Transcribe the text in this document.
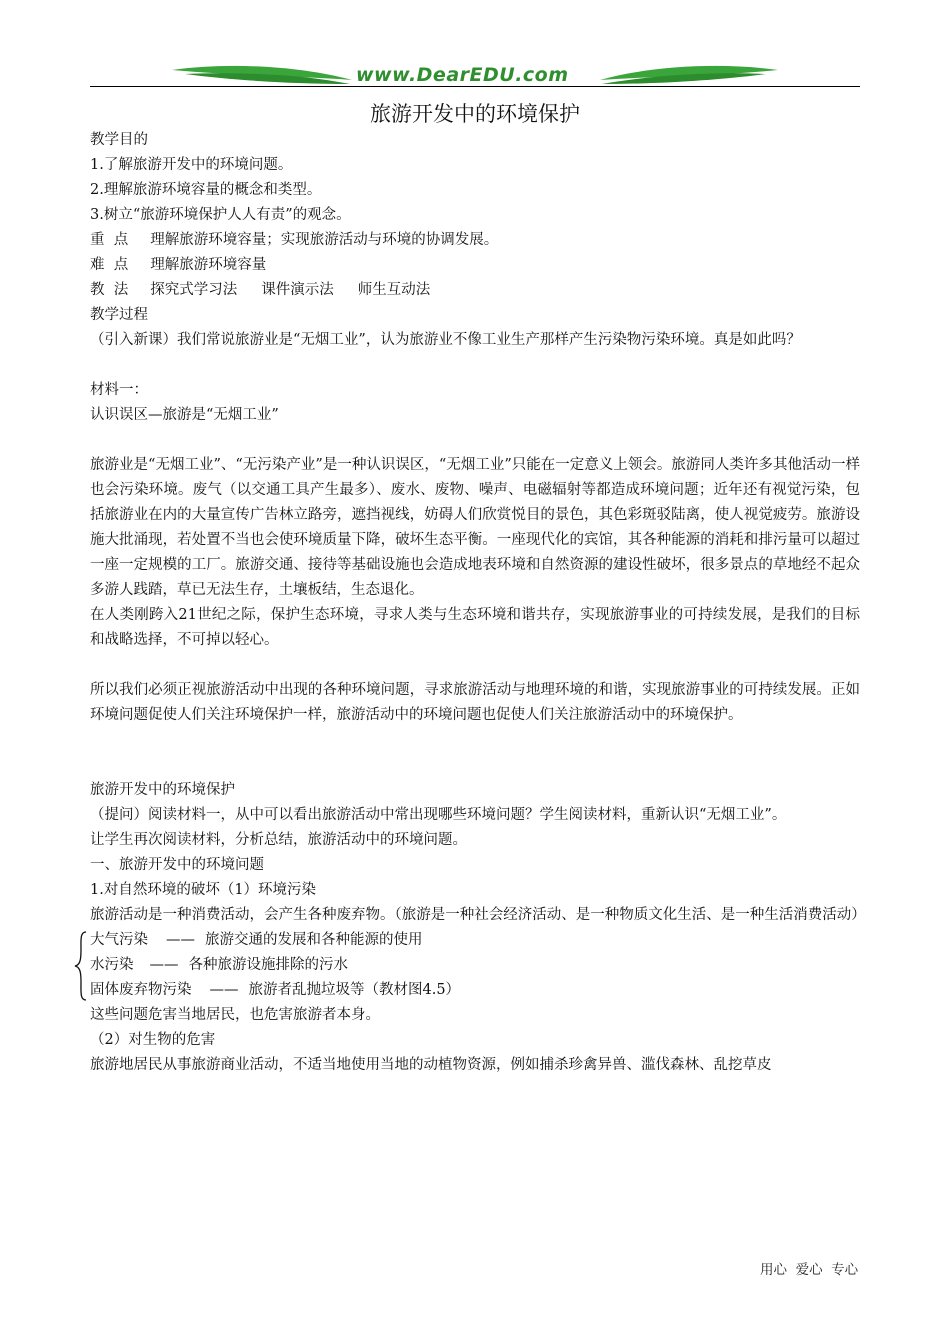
www.DearEDU.com
旅游开发中的环境保护

教学目的

1.了解旅游开发中的环境问题。

2.理解旅游环境容量的概念和类型。

3.树立“旅游环境保护人人有责”的观念。

重  点 理解旅游环境容量；实现旅游活动与环境的协调发展。

难  点 理解旅游环境容量

教  法 探究式学习法 课件演示法 师生互动法

教学过程

（引入新课）我们常说旅游业是“无烟工业”，认为旅游业不像工业生产那样产生污染物污染环境。真是如此吗？

材料一：

认识误区—旅游是“无烟工业”

旅游业是“无烟工业”、“无污染产业”是一种认识误区，“无烟工业”只能在一定意义上领会。旅游同人类许多其他活动一样也会污染环境。废气（以交通工具产生最多）、废水、废物、噪声、电磁辐射等都造成环境问题；近年还有视觉污染，包括旅游业在内的大量宣传广告林立路旁，遮挡视线，妨碍人们欣赏悦目的景色，其色彩斑驳陆离，使人视觉疲劳。旅游设施大批涌现，若处置不当也会使环境质量下降，破坏生态平衡。一座现代化的宾馆，其各种能源的消耗和排污量可以超过一座一定规模的工厂。旅游交通、接待等基础设施也会造成地表环境和自然资源的建设性破坏，很多景点的草地经不起众多游人践踏，草已无法生存，土壤板结，生态退化。

在人类刚跨入21世纪之际，保护生态环境，寻求人类与生态环境和谐共存，实现旅游事业的可持续发展，是我们的目标和战略选择，不可掉以轻心。

所以我们必须正视旅游活动中出现的各种环境问题，寻求旅游活动与地理环境的和谐，实现旅游事业的可持续发展。正如环境问题促使人们关注环境保护一样，旅游活动中的环境问题也促使人们关注旅游活动中的环境保护。

旅游开发中的环境保护

（提问）阅读材料一，从中可以看出旅游活动中常出现哪些环境问题？学生阅读材料，重新认识“无烟工业”。

让学生再次阅读材料，分析总结，旅游活动中的环境问题。

一、旅游开发中的环境问题

1.对自然环境的破坏（1）环境污染

旅游活动是一种消费活动，会产生各种废弃物。（旅游是一种社会经济活动、是一种物质文化生活、是一种生活消费活动）

大气污染 —— 旅游交通的发展和各种能源的使用

水污染 —— 各种旅游设施排除的污水

固体废弃物污染 —— 旅游者乱抛垃圾等（教材图4.5）

这些问题危害当地居民，也危害旅游者本身。

（2）对生物的危害

旅游地居民从事旅游商业活动，不适当地使用当地的动植物资源，例如捕杀珍禽异兽、滥伐森林、乱挖草皮

用心  爱心  专心
